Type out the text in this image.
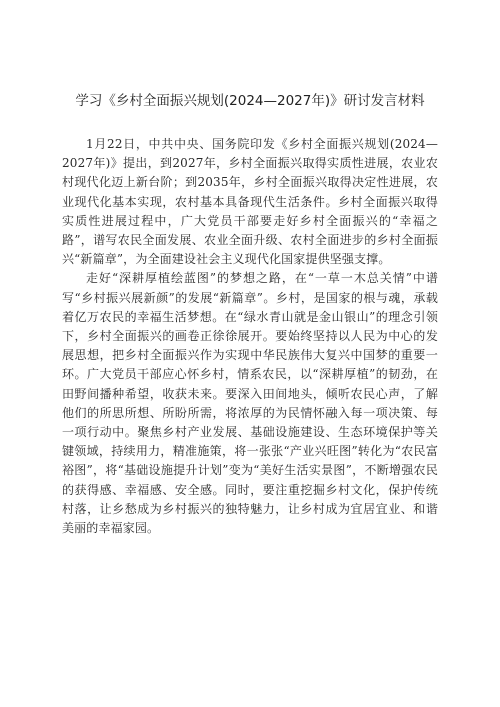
学习《乡村全面振兴规划(2024—2027年)》研讨发言材料

1月22日，中共中央、国务院印发《乡村全面振兴规划(2024—2027年)》提出，到2027年，乡村全面振兴取得实质性进展，农业农村现代化迈上新台阶；到2035年，乡村全面振兴取得决定性进展，农业现代化基本实现，农村基本具备现代生活条件。乡村全面振兴取得实质性进展过程中，广大党员干部要走好乡村全面振兴的“幸福之路”，谱写农民全面发展、农业全面升级、农村全面进步的乡村全面振兴“新篇章”，为全面建设社会主义现代化国家提供坚强支撑。

走好“深耕厚植绘蓝图”的梦想之路，在“一草一木总关情”中谱写“乡村振兴展新颜”的发展“新篇章”。乡村，是国家的根与魂，承载着亿万农民的幸福生活梦想。在“绿水青山就是金山银山”的理念引领下，乡村全面振兴的画卷正徐徐展开。要始终坚持以人民为中心的发展思想，把乡村全面振兴作为实现中华民族伟大复兴中国梦的重要一环。广大党员干部应心怀乡村，情系农民，以“深耕厚植”的韧劲，在田野间播种希望，收获未来。要深入田间地头，倾听农民心声，了解他们的所思所想、所盼所需，将浓厚的为民情怀融入每一项决策、每一项行动中。聚焦乡村产业发展、基础设施建设、生态环境保护等关键领域，持续用力，精准施策，将一张张“产业兴旺图”转化为“农民富裕图”，将“基础设施提升计划”变为“美好生活实景图”，不断增强农民的获得感、幸福感、安全感。同时，要注重挖掘乡村文化，保护传统村落，让乡愁成为乡村振兴的独特魅力，让乡村成为宜居宜业、和谐美丽的幸福家园。
